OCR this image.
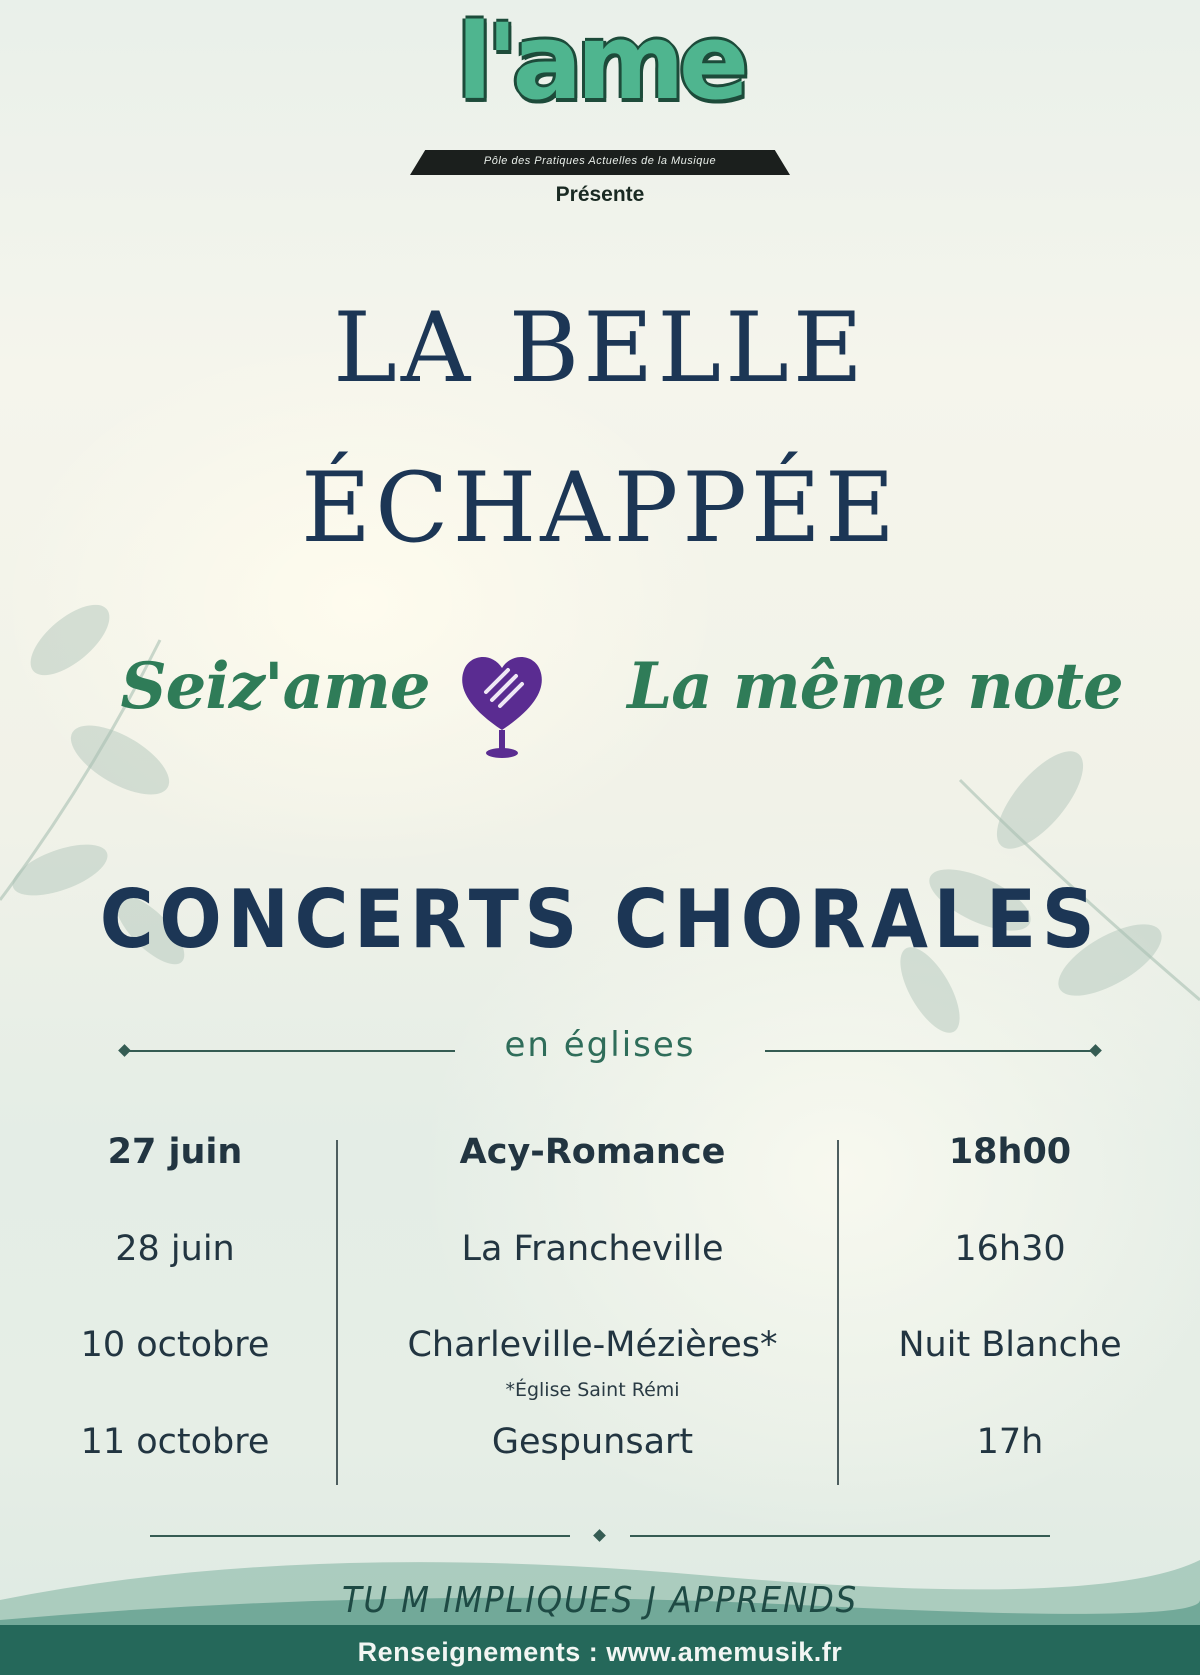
l'ame
Pôle des Pratiques Actuelles de la Musique
Présente
LA BELLE
ÉCHAPPÉE
Seiz'ame	La même note
CONCERTS CHORALES
en églises
27 juin	Acy-Romance	18h00
28 juin	La Francheville	16h30
10 octobre	Charleville-Mézières*	Nuit Blanche
*Église Saint Rémi
11 octobre	Gespunsart	17h
TU M IMPLIQUES J APPRENDS
Renseignements : www.amemusik.fr
